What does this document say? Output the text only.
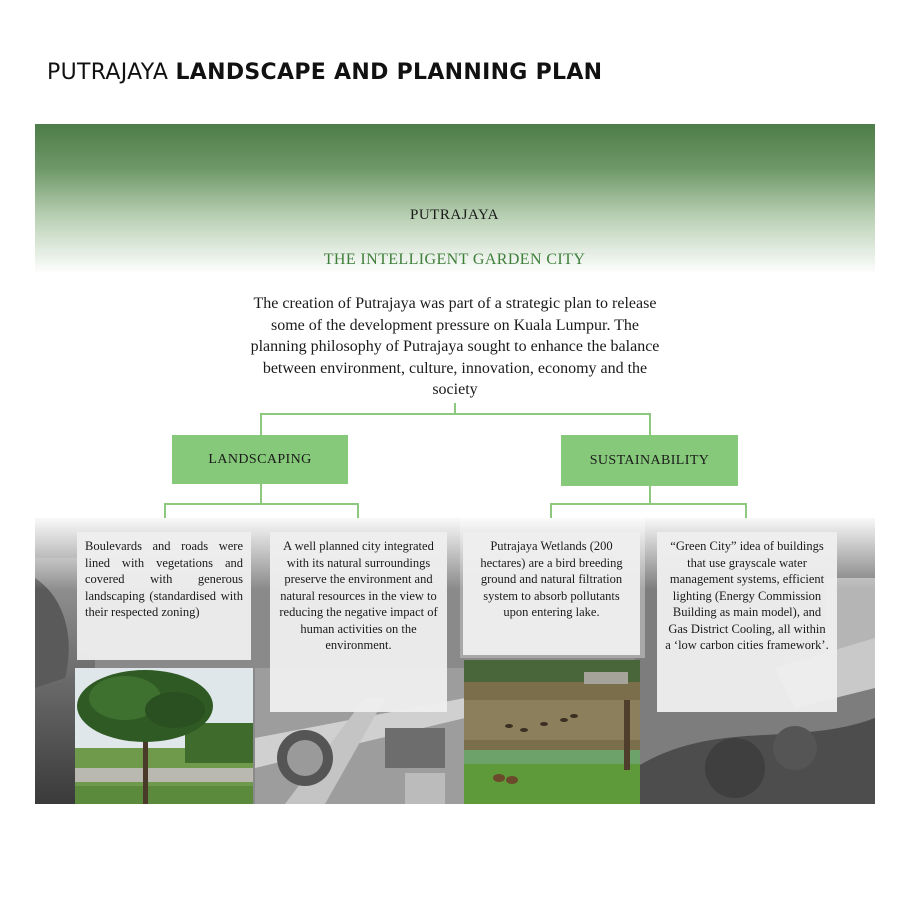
PUTRAJAYA LANDSCAPE AND PLANNING PLAN
PUTRAJAYA
THE INTELLIGENT GARDEN CITY
The creation of Putrajaya was part of a strategic plan to release some of the development pressure on Kuala Lumpur. The planning philosophy of Putrajaya sought to enhance the balance between environment, culture, innovation, economy and the society
LANDSCAPING	SUSTAINABILITY
Boulevards and roads were lined with vegetations and covered with generous landscaping (standardised with their respected zoning)
A well planned city integrated with its natural surroundings preserve the environment and natural resources in the view to reducing the negative impact of human activities on the environment.
Putrajaya Wetlands (200 hectares) are a bird breeding ground and natural filtration system to absorb pollutants upon entering lake.
“Green City” idea of buildings that use grayscale water management systems, efficient lighting (Energy Commission Building as main model), and Gas District Cooling, all within a ‘low carbon cities framework’.
